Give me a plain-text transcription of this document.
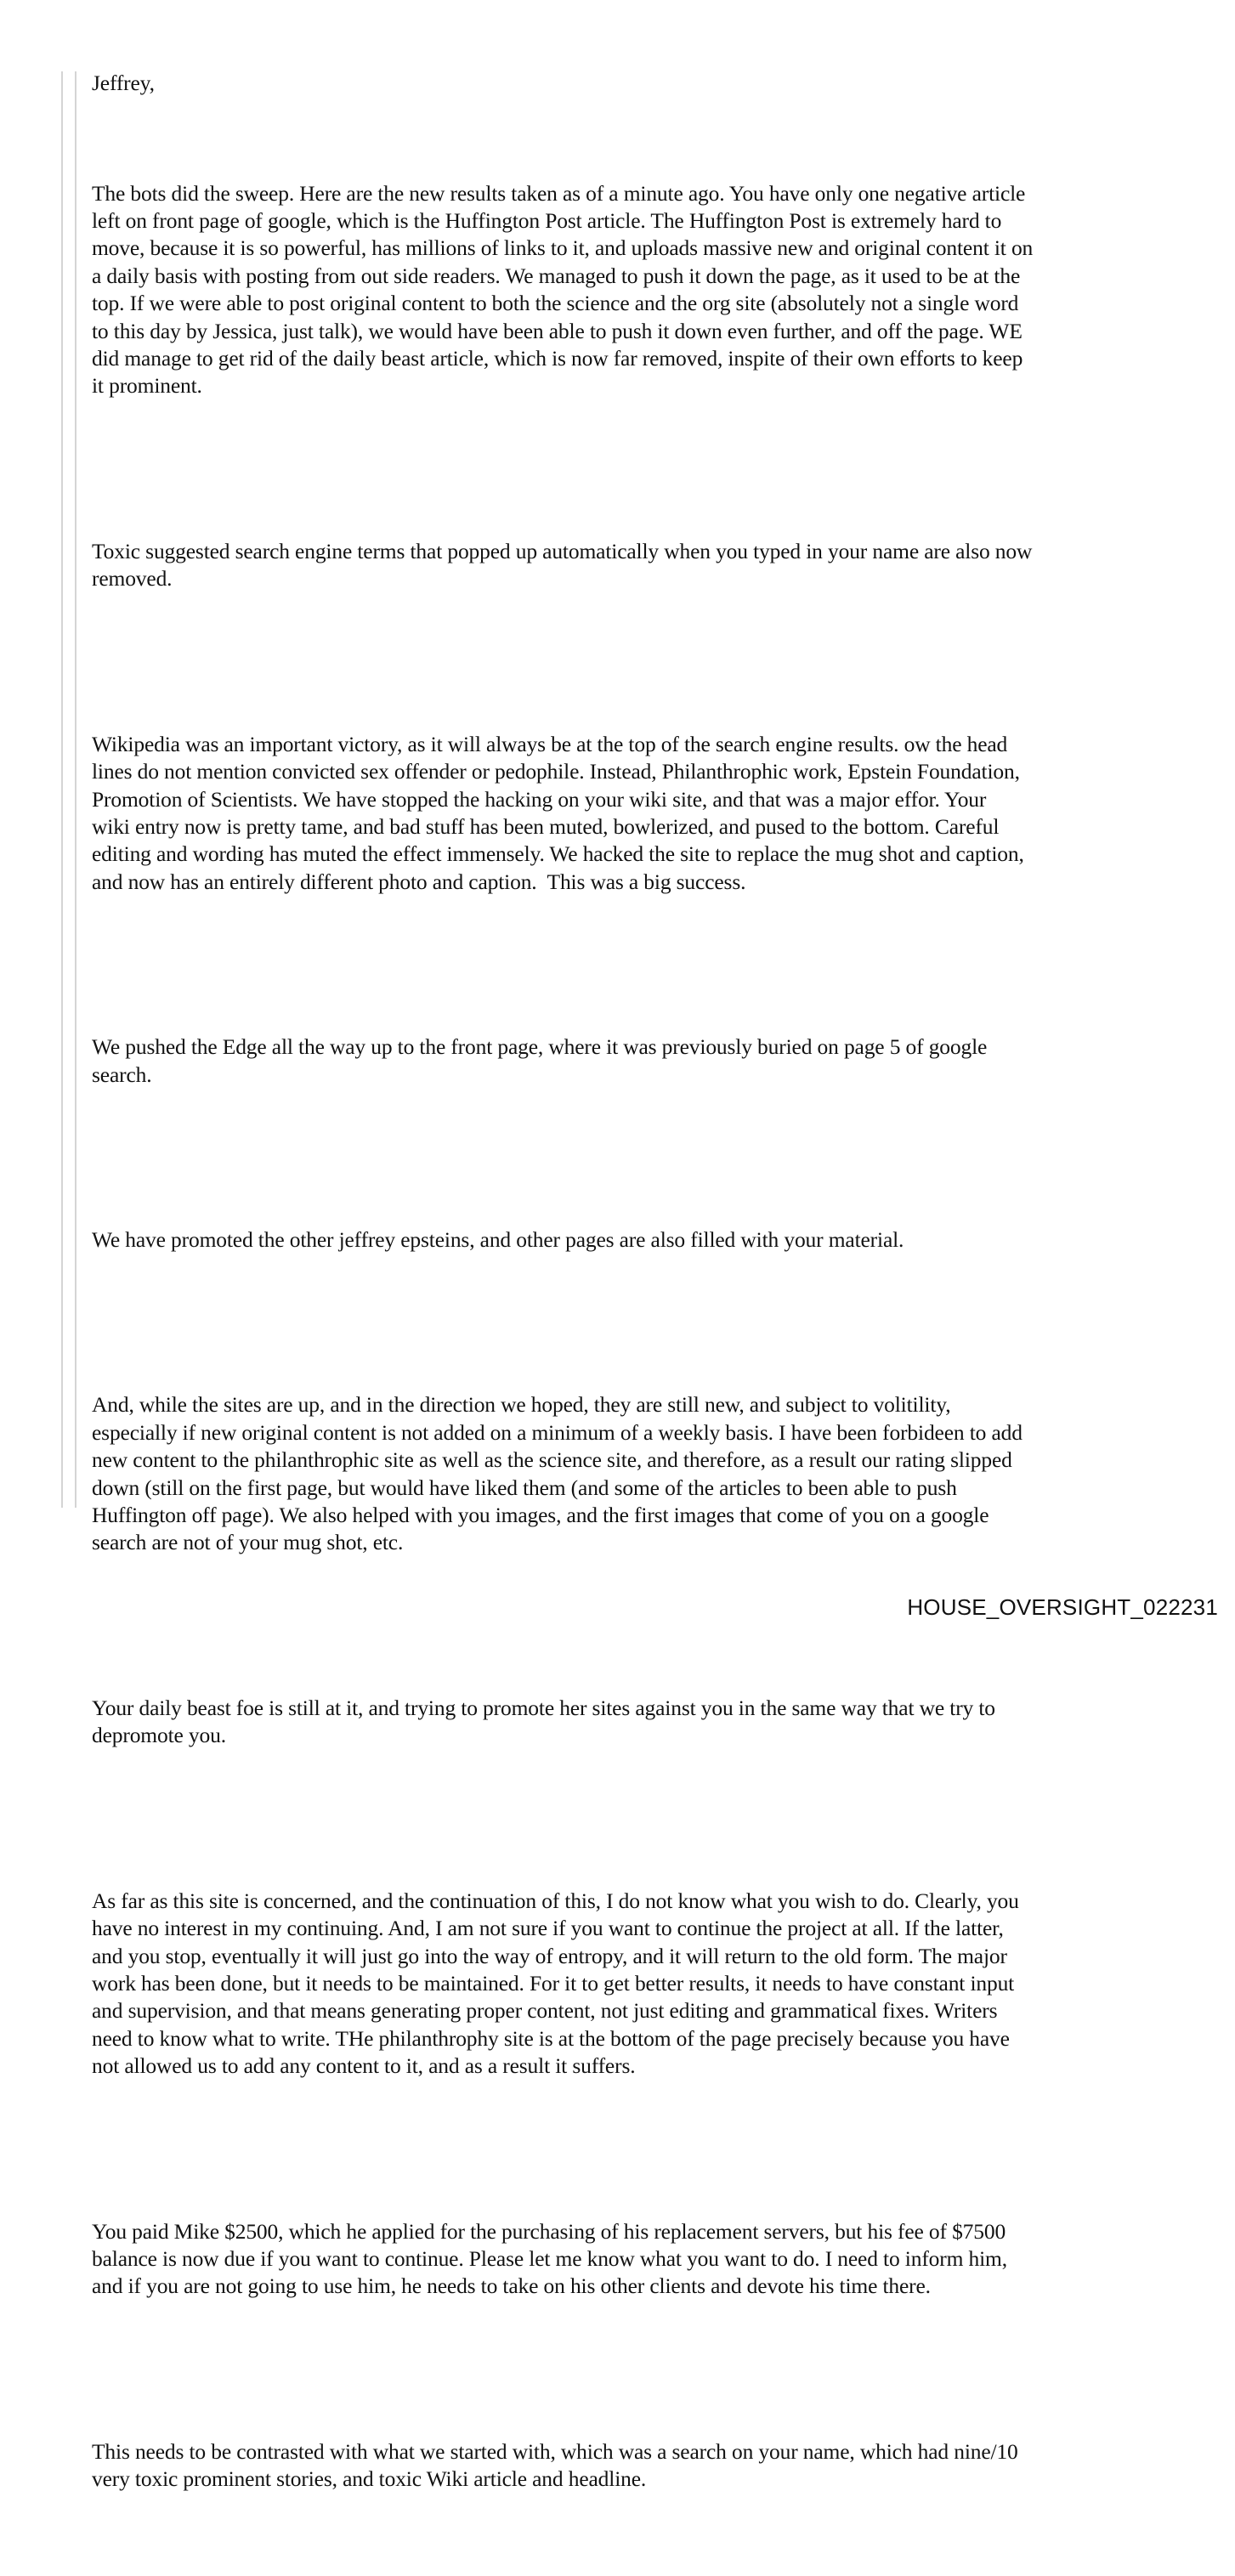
Jeffrey,

The bots did the sweep. Here are the new results taken as of a minute ago. You have only one negative article
left on front page of google, which is the Huffington Post article. The Huffington Post is extremely hard to
move, because it is so powerful, has millions of links to it, and uploads massive new and original content it on
a daily basis with posting from out side readers. We managed to push it down the page, as it used to be at the
top. If we were able to post original content to both the science and the org site (absolutely not a single word
to this day by Jessica, just talk), we would have been able to push it down even further, and off the page. WE
did manage to get rid of the daily beast article, which is now far removed, inspite of their own efforts to keep
it prominent.

Toxic suggested search engine terms that popped up automatically when you typed in your name are also now
removed.

Wikipedia was an important victory, as it will always be at the top of the search engine results. ow the head
lines do not mention convicted sex offender or pedophile. Instead, Philanthrophic work, Epstein Foundation,
Promotion of Scientists. We have stopped the hacking on your wiki site, and that was a major effor. Your
wiki entry now is pretty tame, and bad stuff has been muted, bowlerized, and pused to the bottom. Careful
editing and wording has muted the effect immensely. We hacked the site to replace the mug shot and caption,
and now has an entirely different photo and caption.  This was a big success.

We pushed the Edge all the way up to the front page, where it was previously buried on page 5 of google
search.

We have promoted the other jeffrey epsteins, and other pages are also filled with your material.

And, while the sites are up, and in the direction we hoped, they are still new, and subject to volitility,
especially if new original content is not added on a minimum of a weekly basis. I have been forbideen to add
new content to the philanthrophic site as well as the science site, and therefore, as a result our rating slipped
down (still on the first page, but would have liked them (and some of the articles to been able to push
Huffington off page). We also helped with you images, and the first images that come of you on a google
search are not of your mug shot, etc.

Your daily beast foe is still at it, and trying to promote her sites against you in the same way that we try to
depromote you.

As far as this site is concerned, and the continuation of this, I do not know what you wish to do. Clearly, you
have no interest in my continuing. And, I am not sure if you want to continue the project at all. If the latter,
and you stop, eventually it will just go into the way of entropy, and it will return to the old form. The major
work has been done, but it needs to be maintained. For it to get better results, it needs to have constant input
and supervision, and that means generating proper content, not just editing and grammatical fixes. Writers
need to know what to write. THe philanthrophy site is at the bottom of the page precisely because you have
not allowed us to add any content to it, and as a result it suffers.

You paid Mike $2500, which he applied for the purchasing of his replacement servers, but his fee of $7500
balance is now due if you want to continue. Please let me know what you want to do. I need to inform him,
and if you are not going to use him, he needs to take on his other clients and devote his time there.

This needs to be contrasted with what we started with, which was a search on your name, which had nine/10
very toxic prominent stories, and toxic Wiki article and headline.

HOUSE_OVERSIGHT_022231
